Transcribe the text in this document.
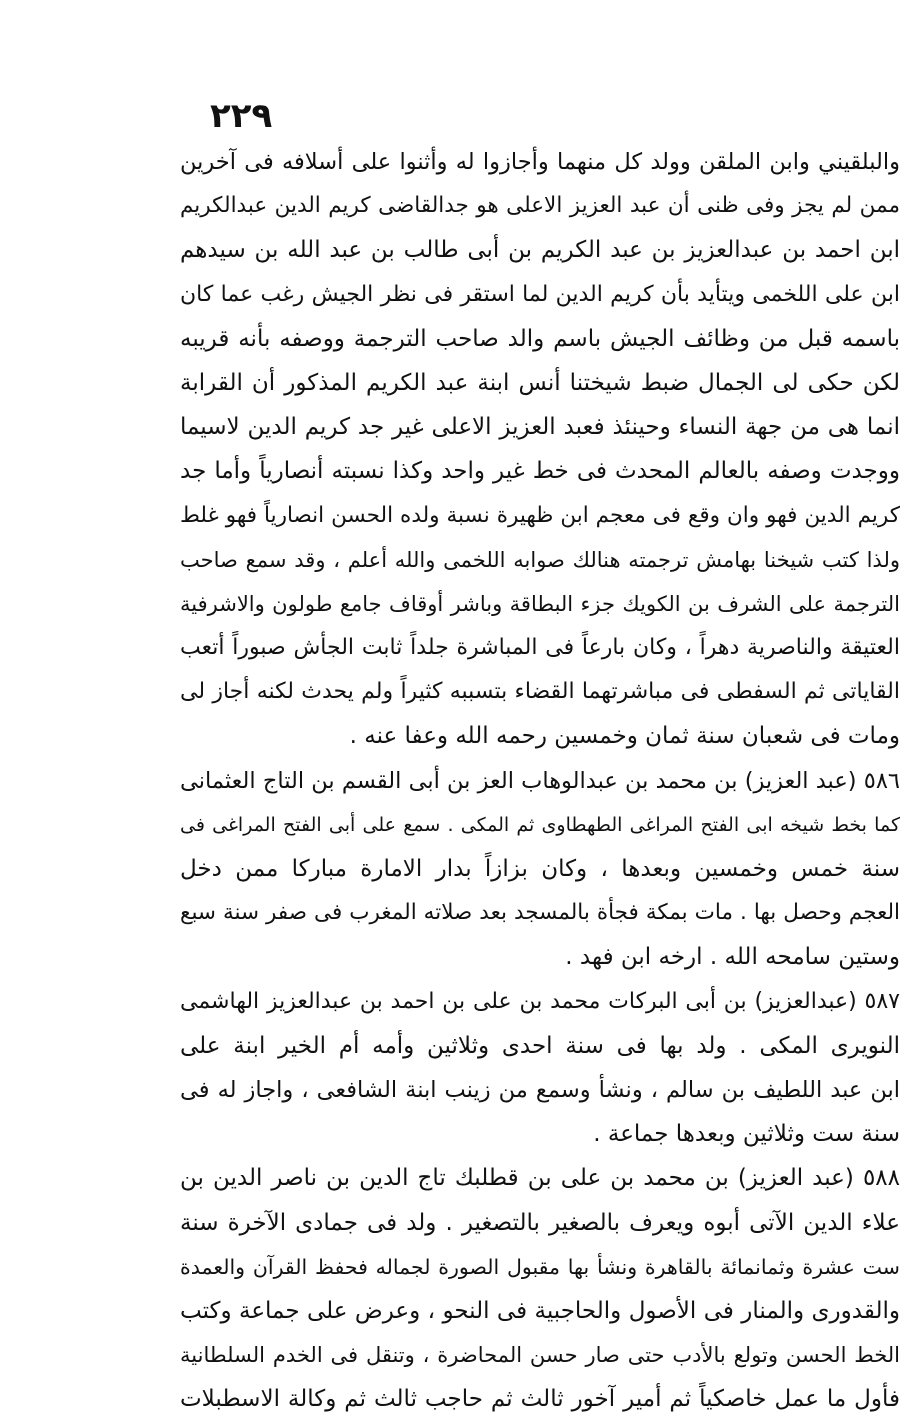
٢٢٩
والبلقيني وابن الملقن وولد كل منهما وأجازوا له وأثنوا على أسلافه فى آخرين
ممن لم يجز وفى ظنى أن عبد العزيز الاعلى هو جدالقاضى كريم الدين عبدالكريم
ابن احمد بن عبدالعزيز بن عبد الكريم بن أبى طالب بن عبد الله بن سيدهم
ابن على اللخمى ويتأيد بأن كريم الدين لما استقر فى نظر الجيش رغب عما كان
باسمه قبل من وظائف الجيش باسم والد صاحب الترجمة ووصفه بأنه قريبه
لكن حكى لى الجمال ضبط شيختنا أنس ابنة عبد الكريم المذكور أن القرابة
انما هى من جهة النساء وحينئذ فعبد العزيز الاعلى غير جد كريم الدين لاسيما
ووجدت وصفه بالعالم المحدث فى خط غير واحد وكذا نسبته أنصارياً وأما جد
كريم الدين فهو وان وقع فى معجم ابن ظهيرة نسبة ولده الحسن انصارياً فهو غلط
ولذا كتب شيخنا بهامش ترجمته هنالك صوابه اللخمى والله أعلم ، وقد سمع صاحب
الترجمة على الشرف بن الكويك جزء البطاقة وباشر أوقاف جامع طولون والاشرفية
العتيقة والناصرية دهراً ، وكان بارعاً فى المباشرة جلداً ثابت الجأش صبوراً أتعب
القاياتى ثم السفطى فى مباشرتهما القضاء بتسببه كثيراً ولم يحدث لكنه أجاز لى
ومات فى شعبان سنة ثمان وخمسين رحمه الله وعفا عنه .
٥٨٦ (عبد العزيز) بن محمد بن عبدالوهاب العز بن أبى القسم بن التاج العثمانى
كما بخط شيخه ابى الفتح المراغى الطهطاوى ثم المكى . سمع على أبى الفتح المراغى فى
سنة خمس وخمسين وبعدها ، وكان بزازاً بدار الامارة مباركا ممن دخل
العجم وحصل بها . مات بمكة فجأة بالمسجد بعد صلاته المغرب فى صفر سنة سبع
وستين سامحه الله . ارخه ابن فهد .
٥٨٧ (عبدالعزيز) بن أبى البركات محمد بن على بن احمد بن عبدالعزيز الهاشمى
النويرى المكى . ولد بها فى سنة احدى وثلاثين وأمه أم الخير ابنة على
ابن عبد اللطيف بن سالم ، ونشأ وسمع من زينب ابنة الشافعى ، واجاز له فى
سنة ست وثلاثين وبعدها جماعة .
٥٨٨ (عبد العزيز) بن محمد بن على بن قطلبك تاج الدين بن ناصر الدين بن
علاء الدين الآتى أبوه ويعرف بالصغير بالتصغير . ولد فى جمادى الآخرة سنة
ست عشرة وثمانمائة بالقاهرة ونشأ بها مقبول الصورة لجماله فحفظ القرآن والعمدة
والقدورى والمنار فى الأصول والحاجبية فى النحو ، وعرض على جماعة وكتب
الخط الحسن وتولع بالأدب حتى صار حسن المحاضرة ، وتنقل فى الخدم السلطانية
فأول ما عمل خاصكياً ثم أمير آخور ثالث ثم حاجب ثالث ثم وكالة الاسطبلات
